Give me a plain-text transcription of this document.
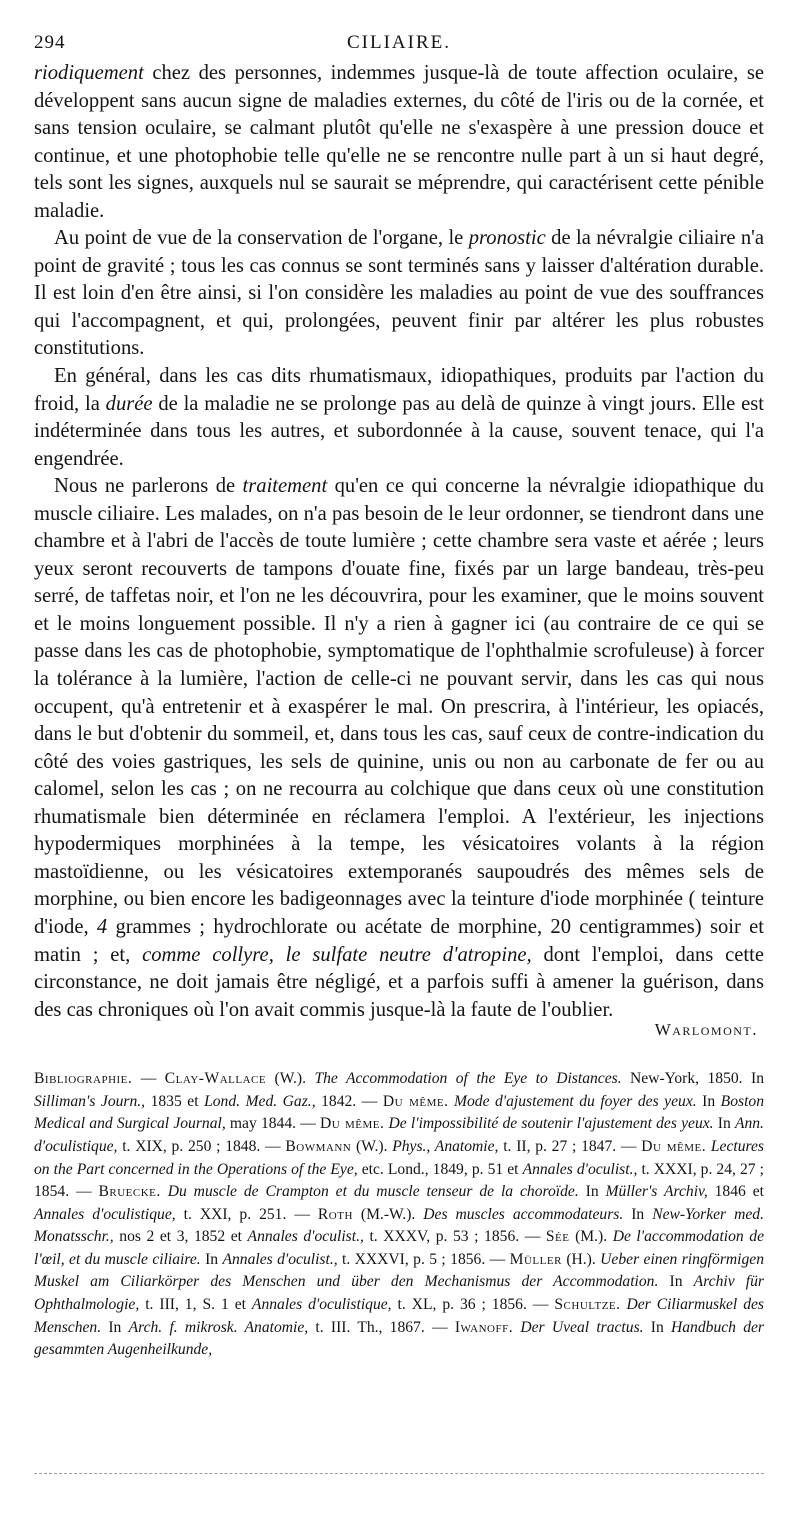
294	CILIAIRE.

riodiquement chez des personnes, indemmes jusque-là de toute affection oculaire, se développent sans aucun signe de maladies externes, du côté de l'iris ou de la cornée, et sans tension oculaire, se calmant plutôt qu'elle ne s'exaspère à une pression douce et continue, et une photophobie telle qu'elle ne se rencontre nulle part à un si haut degré, tels sont les signes, auxquels nul se saurait se méprendre, qui caractérisent cette pénible maladie.

Au point de vue de la conservation de l'organe, le pronostic de la névralgie ciliaire n'a point de gravité ; tous les cas connus se sont terminés sans y laisser d'altération durable. Il est loin d'en être ainsi, si l'on considère les maladies au point de vue des souffrances qui l'accompagnent, et qui, prolongées, peuvent finir par altérer les plus robustes constitutions.

En général, dans les cas dits rhumatismaux, idiopathiques, produits par l'action du froid, la durée de la maladie ne se prolonge pas au delà de quinze à vingt jours. Elle est indéterminée dans tous les autres, et subordonnée à la cause, souvent tenace, qui l'a engendrée.

Nous ne parlerons de traitement qu'en ce qui concerne la névralgie idiopathique du muscle ciliaire. Les malades, on n'a pas besoin de le leur ordonner, se tiendront dans une chambre et à l'abri de l'accès de toute lumière ; cette chambre sera vaste et aérée ; leurs yeux seront recouverts de tampons d'ouate fine, fixés par un large bandeau, très-peu serré, de taffetas noir, et l'on ne les découvrira, pour les examiner, que le moins souvent et le moins longuement possible. Il n'y a rien à gagner ici (au contraire de ce qui se passe dans les cas de photophobie, symptomatique de l'ophthalmie scrofuleuse) à forcer la tolérance à la lumière, l'action de celle-ci ne pouvant servir, dans les cas qui nous occupent, qu'à entretenir et à exaspérer le mal. On prescrira, à l'intérieur, les opiacés, dans le but d'obtenir du sommeil, et, dans tous les cas, sauf ceux de contre-indication du côté des voies gastriques, les sels de quinine, unis ou non au carbonate de fer ou au calomel, selon les cas ; on ne recourra au colchique que dans ceux où une constitution rhumatismale bien déterminée en réclamera l'emploi. A l'extérieur, les injections hypodermiques morphinées à la tempe, les vésicatoires volants à la région mastoïdienne, ou les vésicatoires extemporanés saupoudrés des mêmes sels de morphine, ou bien encore les badigeonnages avec la teinture d'iode morphinée ( teinture d'iode, 4 grammes ; hydrochlorate ou acétate de morphine, 20 centigrammes) soir et matin ; et, comme collyre, le sulfate neutre d'atropine, dont l'emploi, dans cette circonstance, ne doit jamais être négligé, et a parfois suffi à amener la guérison, dans des cas chroniques où l'on avait commis jusque-là la faute de l'oublier.

Warlomont.
Bibliographie. — Clay-Wallace (W.). The Accommodation of the Eye to Distances. New-York, 1850. In Silliman's Journ., 1835 et Lond. Med. Gaz., 1842. — Du même. Mode d'ajustement du foyer des yeux. In Boston Medical and Surgical Journal, may 1844. — Du même. De l'impossibilité de soutenir l'ajustement des yeux. In Ann. d'oculistique, t. XIX, p. 250 ; 1848. — Bowmann (W.). Phys., Anatomie, t. II, p. 27 ; 1847. — Du même. Lectures on the Part concerned in the Operations of the Eye, etc. Lond., 1849, p. 51 et Annales d'oculist., t. XXXI, p. 24, 27 ; 1854. — Bruecke. Du muscle de Crampton et du muscle tenseur de la choroïde. In Müller's Archiv, 1846 et Annales d'oculistique, t. XXI, p. 251. — Roth (M.-W.). Des muscles accommodateurs. In New-Yorker med. Monatsschr., nos 2 et 3, 1852 et Annales d'oculist., t. XXXV, p. 53 ; 1856. — Sée (M.). De l'accommodation de l'œil, et du muscle ciliaire. In Annales d'oculist., t. XXXVI, p. 5 ; 1856. — Müller (H.). Ueber einen ringförmigen Muskel am Ciliarkörper des Menschen und über den Mechanismus der Accommodation. In Archiv für Ophthalmologie, t. III, 1, S. 1 et Annales d'oculistique, t. XL, p. 36 ; 1856. — Schultze. Der Ciliarmuskel des Menschen. In Arch. f. mikrosk. Anatomie, t. III. Th., 1867. — Iwanoff. Der Uveal tractus. In Handbuch der gesammten Augenheilkunde,
